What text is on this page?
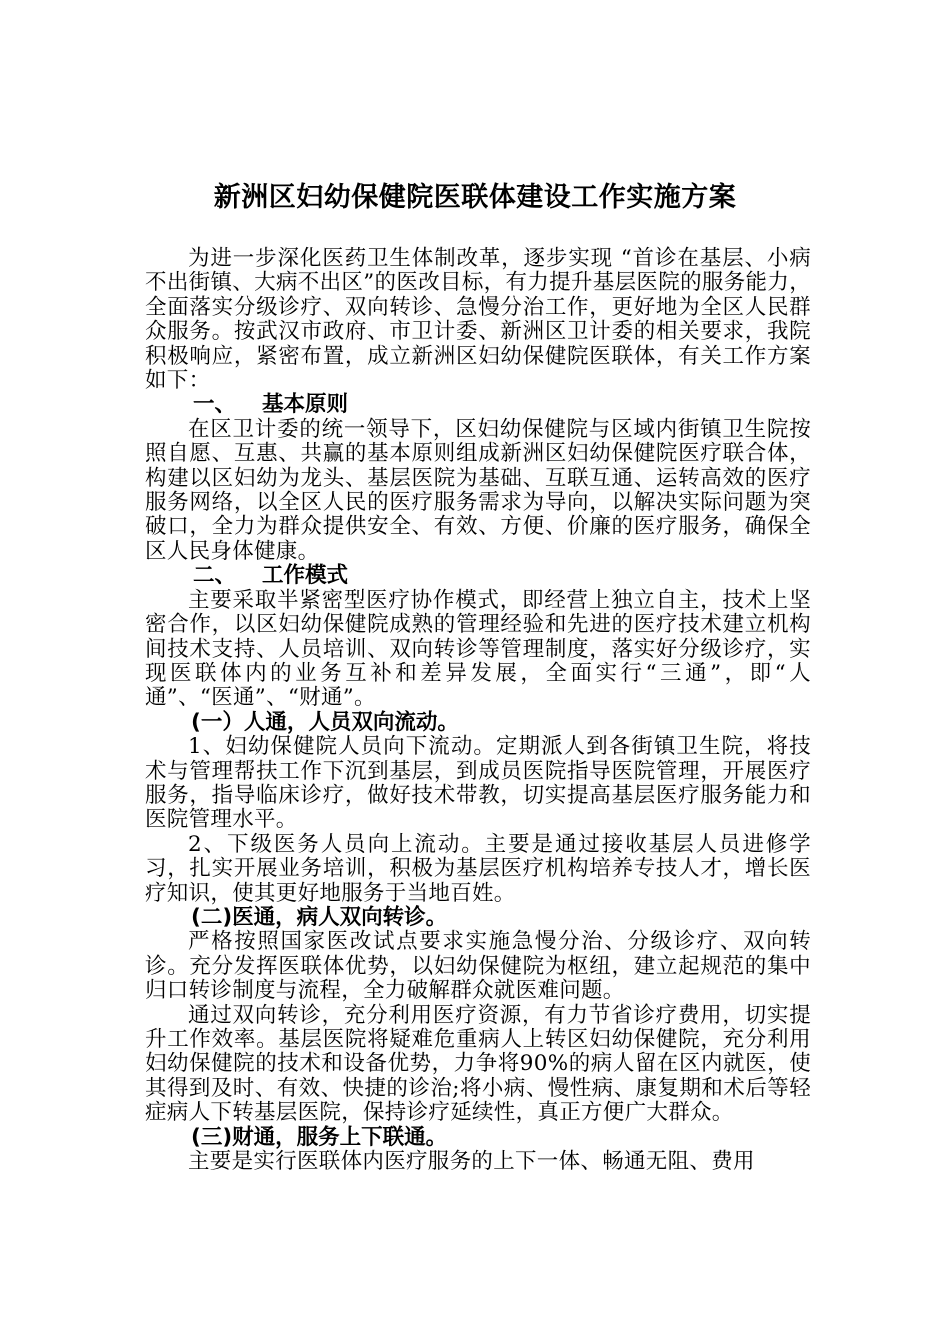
新洲区妇幼保健院医联体建设工作实施方案

为进一步深化医药卫生体制改革，逐步实现 “首诊在基层、小病不出街镇、大病不出区”的医改目标，有力提升基层医院的服务能力，全面落实分级诊疗、双向转诊、急慢分治工作，更好地为全区人民群众服务。按武汉市政府、市卫计委、新洲区卫计委的相关要求，我院积极响应，紧密布置，成立新洲区妇幼保健院医联体，有关工作方案如下：

一、 基本原则

在区卫计委的统一领导下，区妇幼保健院与区域内街镇卫生院按照自愿、互惠、共赢的基本原则组成新洲区妇幼保健院医疗联合体，构建以区妇幼为龙头、基层医院为基础、互联互通、运转高效的医疗服务网络，以全区人民的医疗服务需求为导向，以解决实际问题为突破口，全力为群众提供安全、有效、方便、价廉的医疗服务，确保全区人民身体健康。

二、 工作模式

主要采取半紧密型医疗协作模式，即经营上独立自主，技术上坚密合作，以区妇幼保健院成熟的管理经验和先进的医疗技术建立机构间技术支持、人员培训、双向转诊等管理制度，落实好分级诊疗，实现医联体内的业务互补和差异发展，全面实行“三通”，即“人通”、“医通”、“财通”。

(一）人通，人员双向流动。

1、妇幼保健院人员向下流动。定期派人到各街镇卫生院，将技术与管理帮扶工作下沉到基层，到成员医院指导医院管理，开展医疗服务，指导临床诊疗，做好技术带教，切实提高基层医疗服务能力和医院管理水平。

2、下级医务人员向上流动。主要是通过接收基层人员进修学习，扎实开展业务培训，积极为基层医疗机构培养专技人才，增长医疗知识，使其更好地服务于当地百姓。

(二)医通，病人双向转诊。

严格按照国家医改试点要求实施急慢分治、分级诊疗、双向转诊。充分发挥医联体优势，以妇幼保健院为枢纽，建立起规范的集中归口转诊制度与流程，全力破解群众就医难问题。

通过双向转诊，充分利用医疗资源，有力节省诊疗费用，切实提升工作效率。基层医院将疑难危重病人上转区妇幼保健院，充分利用妇幼保健院的技术和设备优势，力争将90%的病人留在区内就医，使其得到及时、有效、快捷的诊治;将小病、慢性病、康复期和术后等轻症病人下转基层医院，保持诊疗延续性，真正方便广大群众。

(三)财通，服务上下联通。

主要是实行医联体内医疗服务的上下一体、畅通无阻、费用
